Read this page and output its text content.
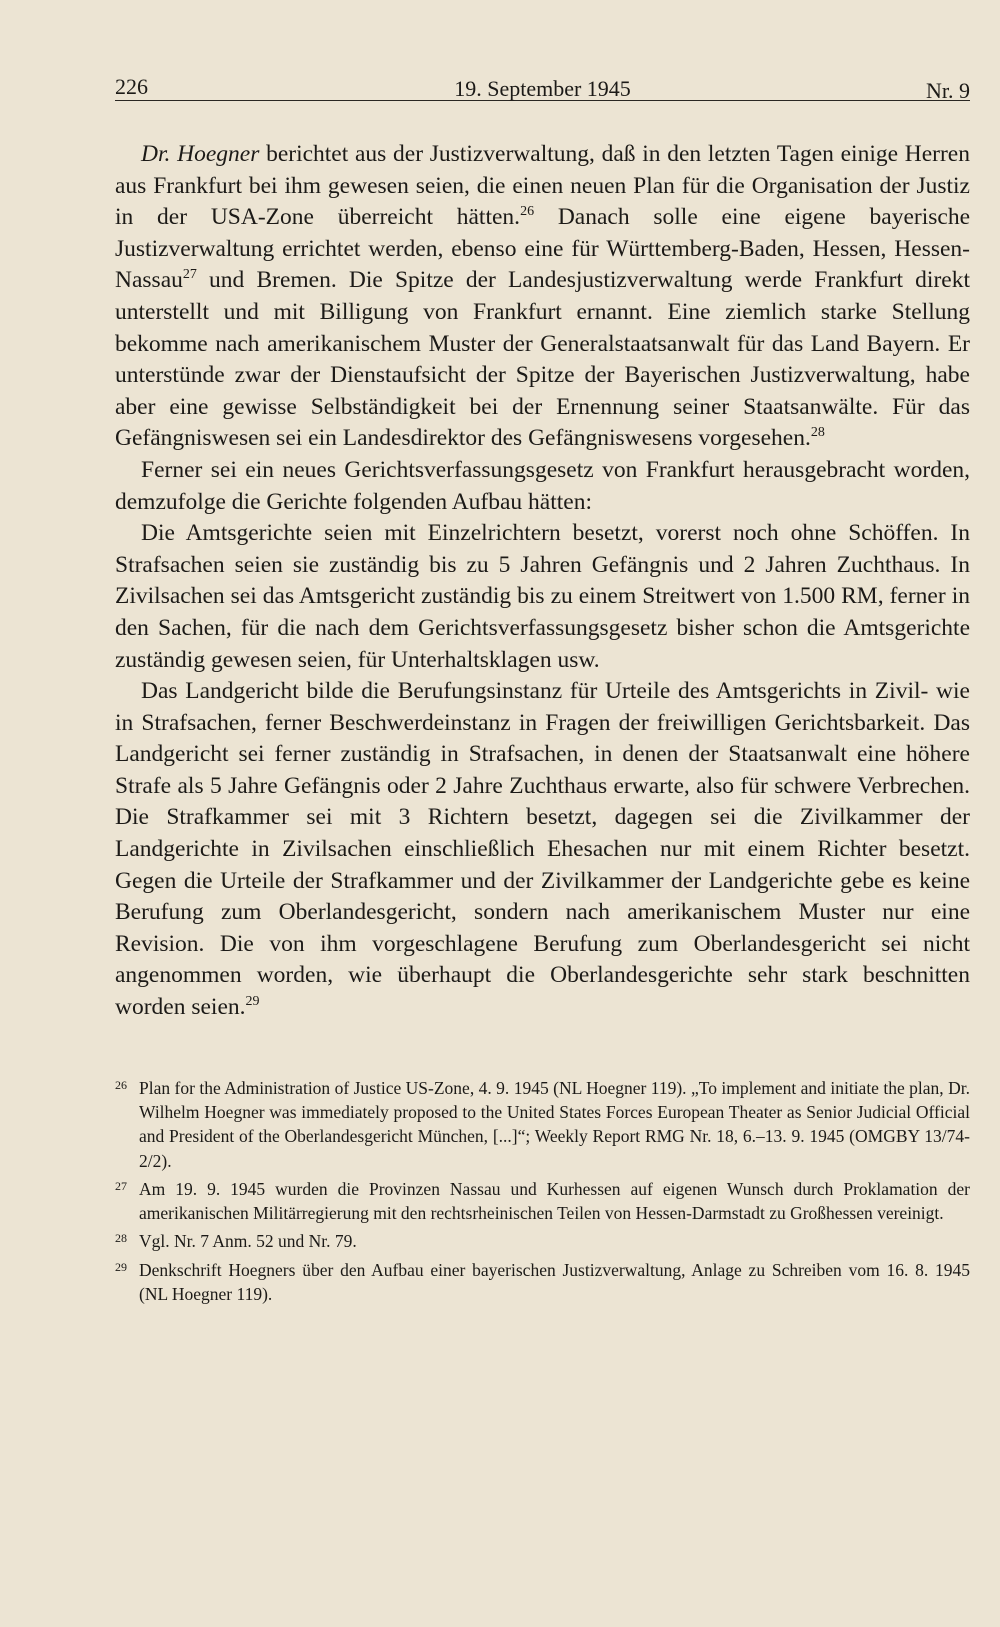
226	19. September 1945	Nr. 9

Dr. Hoegner berichtet aus der Justizverwaltung, daß in den letzten Tagen einige Herren aus Frankfurt bei ihm gewesen seien, die einen neuen Plan für die Organisation der Justiz in der USA-Zone überreicht hätten.$^{26}$ Danach solle eine eigene bayerische Justizverwaltung errichtet werden, ebenso eine für Württemberg-Baden, Hessen, Hessen-Nassau$^{27}$ und Bremen. Die Spitze der Landesjustizverwaltung werde Frankfurt direkt unterstellt und mit Billigung von Frankfurt ernannt. Eine ziemlich starke Stellung bekomme nach amerikanischem Muster der Generalstaatsanwalt für das Land Bayern. Er unterstünde zwar der Dienstaufsicht der Spitze der Bayerischen Justizverwaltung, habe aber eine gewisse Selbständigkeit bei der Ernennung seiner Staatsanwälte. Für das Gefängniswesen sei ein Landesdirektor des Gefängniswesens vorgesehen.$^{28}$

Ferner sei ein neues Gerichtsverfassungsgesetz von Frankfurt herausgebracht worden, demzufolge die Gerichte folgenden Aufbau hätten:

Die Amtsgerichte seien mit Einzelrichtern besetzt, vorerst noch ohne Schöffen. In Strafsachen seien sie zuständig bis zu 5 Jahren Gefängnis und 2 Jahren Zuchthaus. In Zivilsachen sei das Amtsgericht zuständig bis zu einem Streitwert von 1.500 RM, ferner in den Sachen, für die nach dem Gerichtsverfassungsgesetz bisher schon die Amtsgerichte zuständig gewesen seien, für Unterhaltsklagen usw.

Das Landgericht bilde die Berufungsinstanz für Urteile des Amtsgerichts in Zivil- wie in Strafsachen, ferner Beschwerdeinstanz in Fragen der freiwilligen Gerichtsbarkeit. Das Landgericht sei ferner zuständig in Strafsachen, in denen der Staatsanwalt eine höhere Strafe als 5 Jahre Gefängnis oder 2 Jahre Zuchthaus erwarte, also für schwere Verbrechen. Die Strafkammer sei mit 3 Richtern besetzt, dagegen sei die Zivilkammer der Landgerichte in Zivilsachen einschließlich Ehesachen nur mit einem Richter besetzt. Gegen die Urteile der Strafkammer und der Zivilkammer der Landgerichte gebe es keine Berufung zum Oberlandesgericht, sondern nach amerikanischem Muster nur eine Revision. Die von ihm vorgeschlagene Berufung zum Oberlandesgericht sei nicht angenommen worden, wie überhaupt die Oberlandesgerichte sehr stark beschnitten worden seien.$^{29}$

26 Plan for the Administration of Justice US-Zone, 4. 9. 1945 (NL Hoegner 119). „To implement and initiate the plan, Dr. Wilhelm Hoegner was immediately proposed to the United States Forces European Theater as Senior Judicial Official and President of the Oberlandesgericht München, [...]“; Weekly Report RMG Nr. 18, 6.–13. 9. 1945 (OMGBY 13/74-2/2).
27 Am 19. 9. 1945 wurden die Provinzen Nassau und Kurhessen auf eigenen Wunsch durch Proklamation der amerikanischen Militärregierung mit den rechtsrheinischen Teilen von Hessen-Darmstadt zu Großhessen vereinigt.
28 Vgl. Nr. 7 Anm. 52 und Nr. 79.
29 Denkschrift Hoegners über den Aufbau einer bayerischen Justizverwaltung, Anlage zu Schreiben vom 16. 8. 1945 (NL Hoegner 119).
